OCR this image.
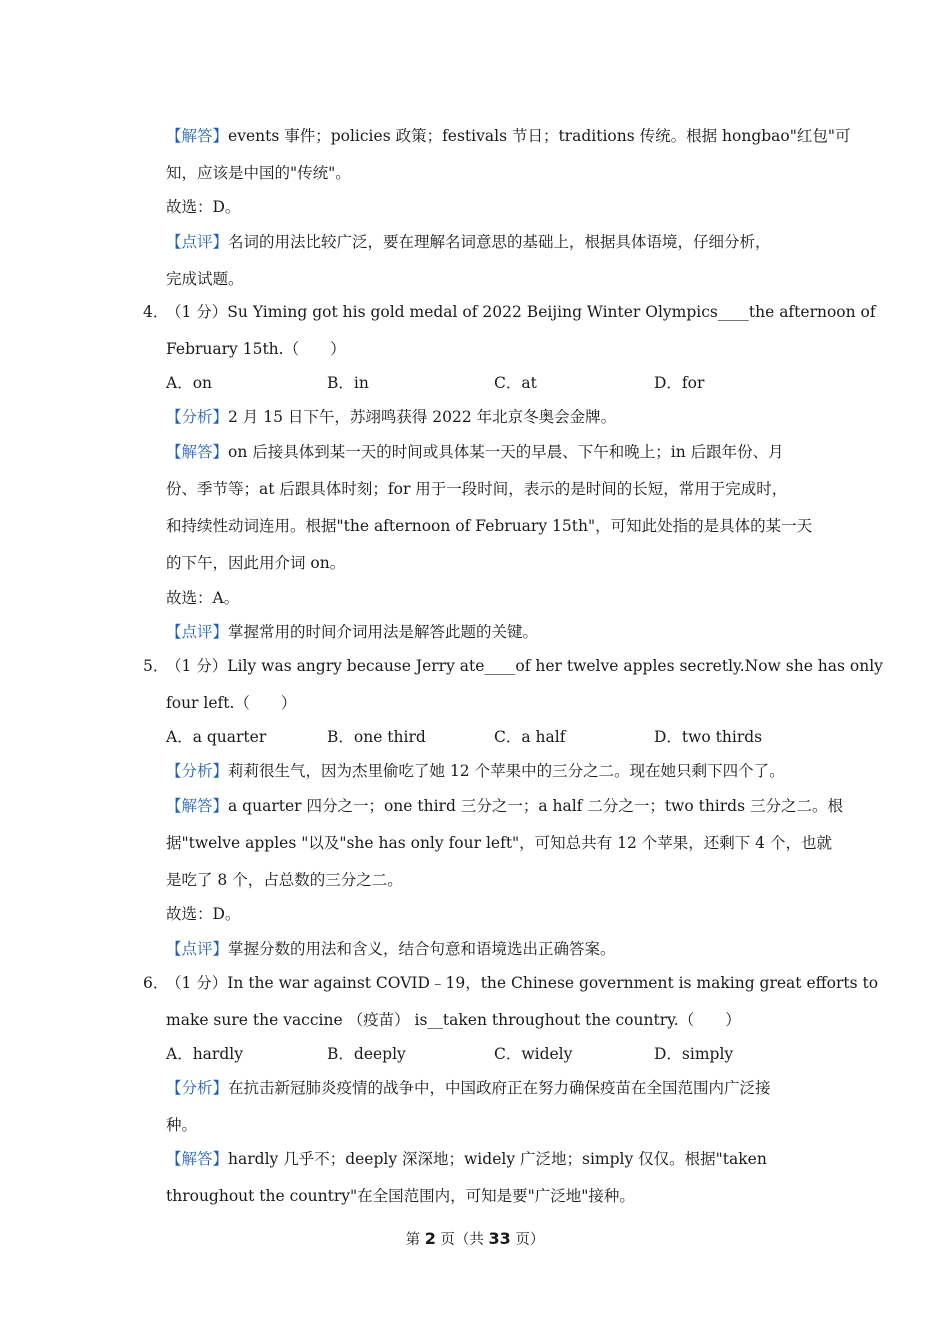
【解答】events 事件；policies 政策；festivals 节日；traditions 传统。根据 hongbao"红包"可
知，应该是中国的"传统"。
故选：D。
【点评】名词的用法比较广泛，要在理解名词意思的基础上，根据具体语境，仔细分析，
完成试题。
4．
（1 分）Su Yiming got his gold medal of 2022 Beijing Winter Olympics____the afternoon of
February 15th.（　　）
A．on	B．in	C．at	D．for
【分析】2 月 15 日下午，苏翊鸣获得 2022 年北京冬奥会金牌。
【解答】on 后接具体到某一天的时间或具体某一天的早晨、下午和晚上；in 后跟年份、月
份、季节等；at 后跟具体时刻；for 用于一段时间，表示的是时间的长短，常用于完成时，
和持续性动词连用。根据"the afternoon of February 15th"，可知此处指的是具体的某一天
的下午，因此用介词 on。
故选：A。
【点评】掌握常用的时间介词用法是解答此题的关键。
5．
（1 分）Lily was angry because Jerry ate____of her twelve apples secretly.Now she has only
four left.（　　）
A．a quarter	B．one third	C．a half	D．two thirds
【分析】莉莉很生气，因为杰里偷吃了她 12 个苹果中的三分之二。现在她只剩下四个了。
【解答】a quarter 四分之一；one third 三分之一；a half 二分之一；two thirds 三分之二。根
据"twelve apples "以及"she has only four left"，可知总共有 12 个苹果，还剩下 4 个，也就
是吃了 8 个，占总数的三分之二。
故选：D。
【点评】掌握分数的用法和含义，结合句意和语境选出正确答案。
6．
（1 分）In the war against COVID﹣19，the Chinese government is making great efforts to
make sure the vaccine （疫苗） is__taken throughout the country.（　　）
A．hardly	B．deeply	C．widely	D．simply
【分析】在抗击新冠肺炎疫情的战争中，中国政府正在努力确保疫苗在全国范围内广泛接
种。
【解答】hardly 几乎不；deeply 深深地；widely 广泛地；simply 仅仅。根据"taken
throughout the country"在全国范围内，可知是要"广泛地"接种。
第 2 页（共 33 页）
